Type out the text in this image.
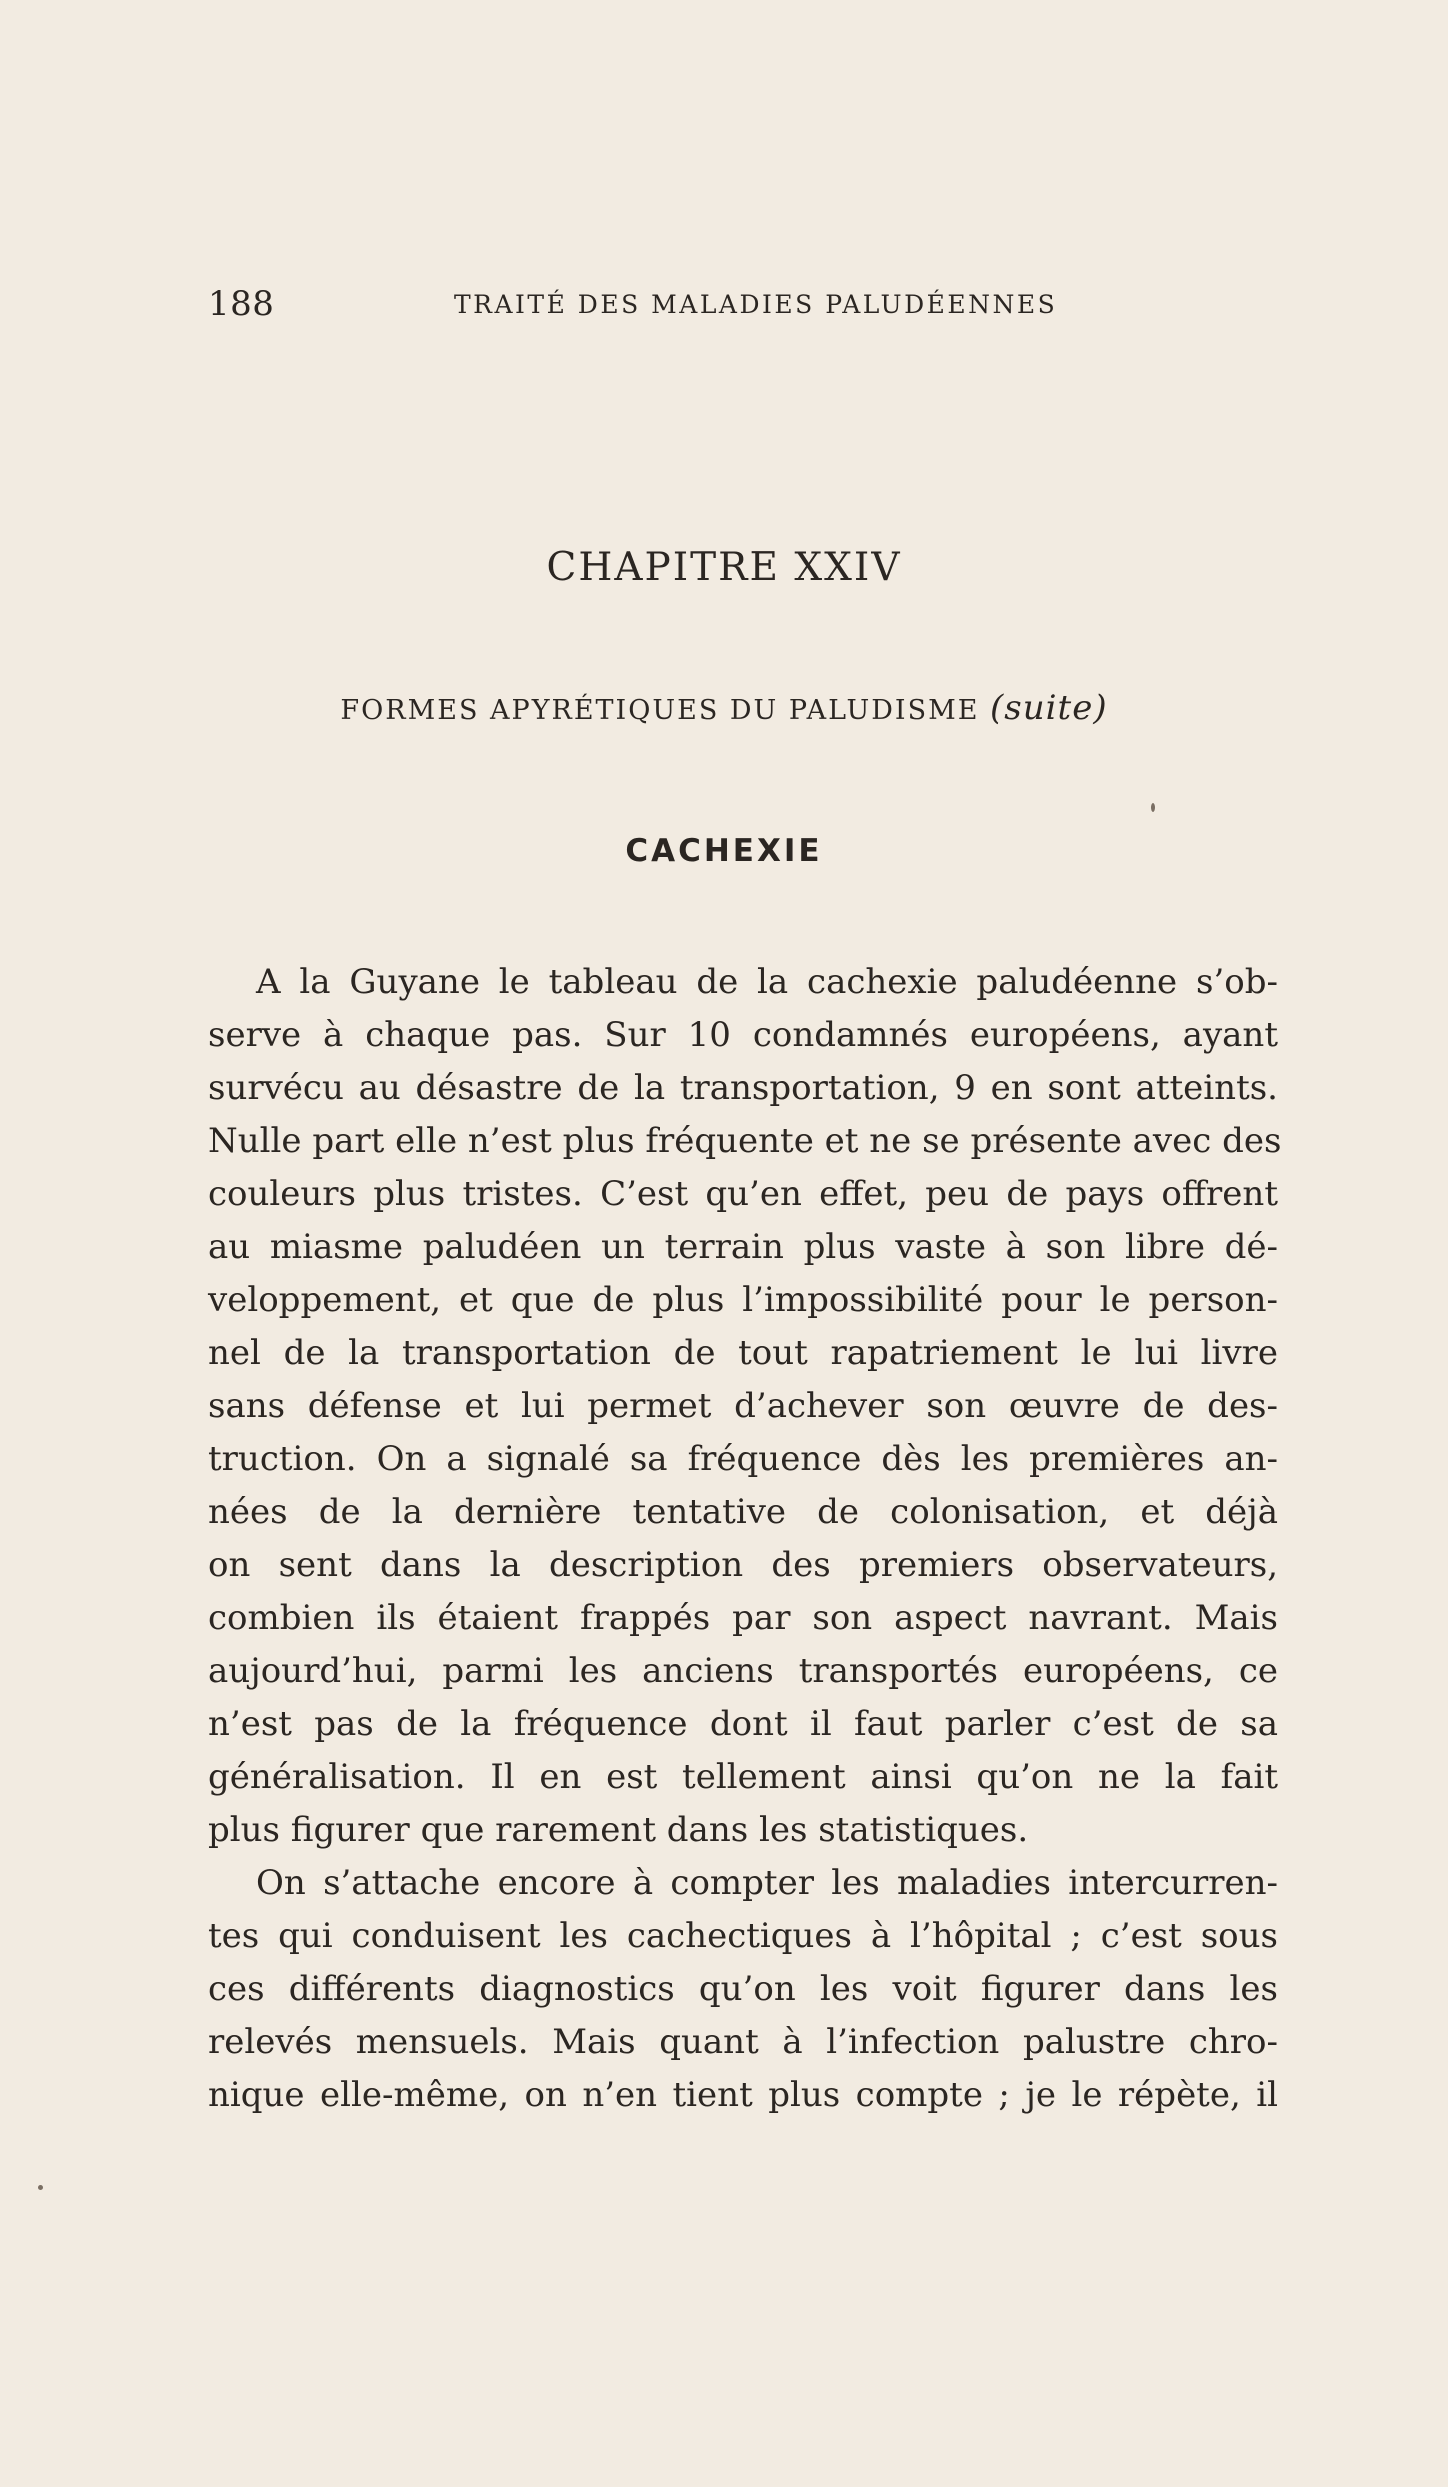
188	TRAITÉ DES MALADIES PALUDÉENNES
CHAPITRE XXIV
FORMES APYRÉTIQUES DU PALUDISME (suite)
CACHEXIE
A la Guyane le tableau de la cachexie paludéenne s’ob-
serve à chaque pas. Sur 10 condamnés européens, ayant
survécu au désastre de la transportation, 9 en sont atteints.
Nulle part elle n’est plus fréquente et ne se présente avec des
couleurs plus tristes. C’est qu’en effet, peu de pays offrent
au miasme paludéen un terrain plus vaste à son libre dé-
veloppement, et que de plus l’impossibilité pour le person-
nel de la transportation de tout rapatriement le lui livre
sans défense et lui permet d’achever son œuvre de des-
truction. On a signalé sa fréquence dès les premières an-
nées de la dernière tentative de colonisation, et déjà
on sent dans la description des premiers observateurs,
combien ils étaient frappés par son aspect navrant. Mais
aujourd’hui, parmi les anciens transportés européens, ce
n’est pas de la fréquence dont il faut parler c’est de sa
généralisation. Il en est tellement ainsi qu’on ne la fait
plus figurer que rarement dans les statistiques.
On s’attache encore à compter les maladies intercurren-
tes qui conduisent les cachectiques à l’hôpital ; c’est sous
ces différents diagnostics qu’on les voit figurer dans les
relevés mensuels. Mais quant à l’infection palustre chro-
nique elle-même, on n’en tient plus compte ; je le répète, il
